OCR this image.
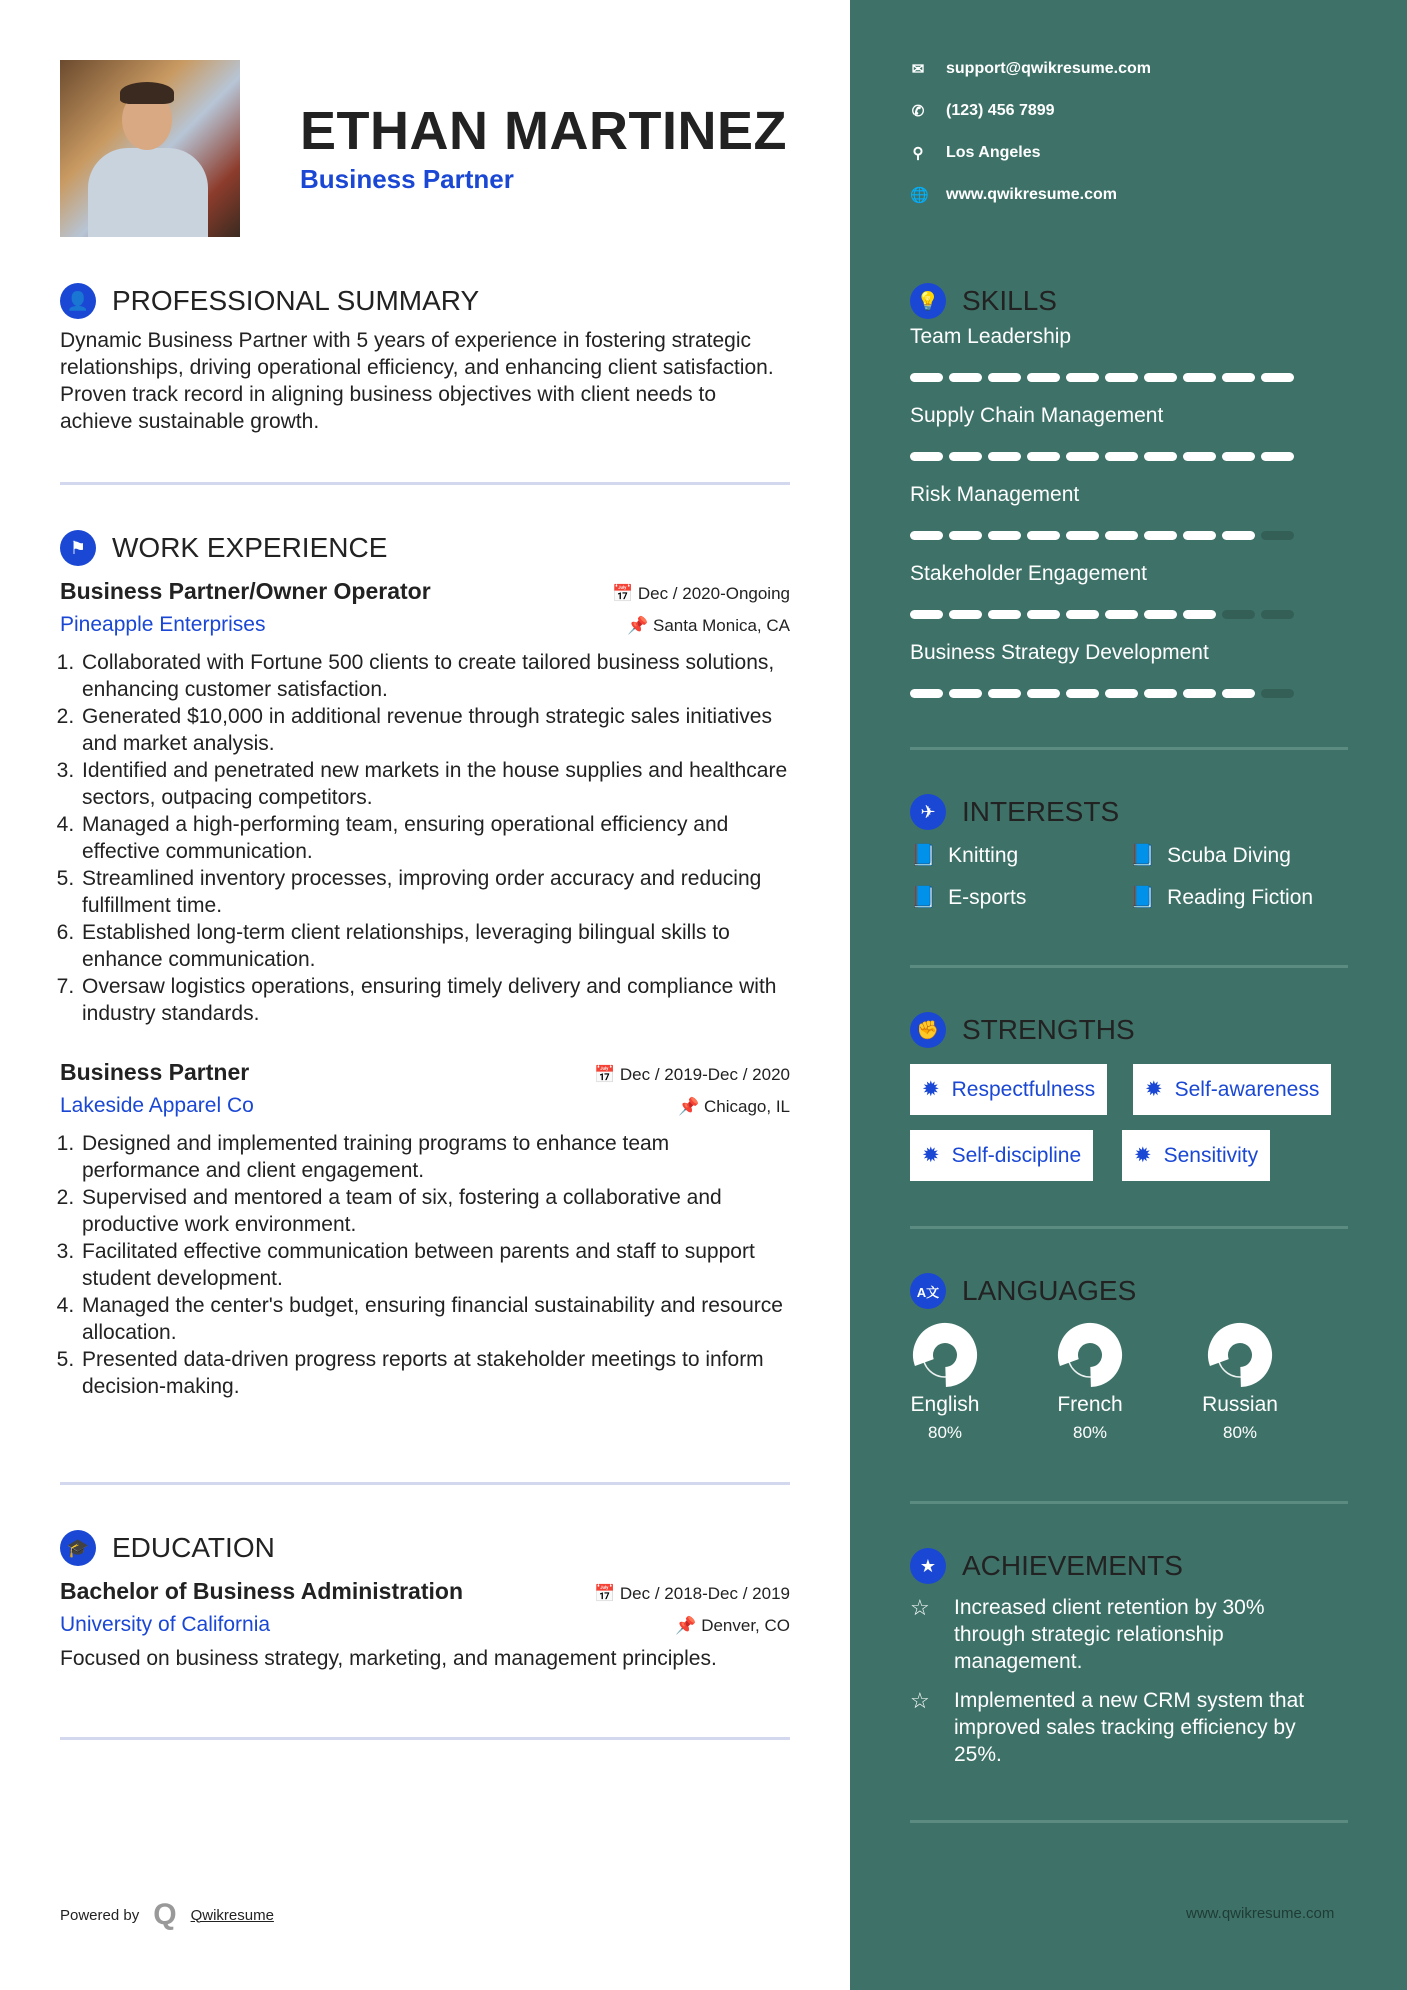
ETHAN MARTINEZ
Business Partner
👤 PROFESSIONAL SUMMARY

Dynamic Business Partner with 5 years of experience in fostering strategic relationships, driving operational efficiency, and enhancing client satisfaction. Proven track record in aligning business objectives with client needs to achieve sustainable growth.

⚑ WORK EXPERIENCE
Business Partner/Owner Operator	📅 Dec / 2020-Ongoing
Pineapple Enterprises	📌 Santa Monica, CA
1. Collaborated with Fortune 500 clients to create tailored business solutions, enhancing customer satisfaction.
2. Generated $10,000 in additional revenue through strategic sales initiatives and market analysis.
3. Identified and penetrated new markets in the house supplies and healthcare sectors, outpacing competitors.
4. Managed a high-performing team, ensuring operational efficiency and effective communication.
5. Streamlined inventory processes, improving order accuracy and reducing fulfillment time.
6. Established long-term client relationships, leveraging bilingual skills to enhance communication.
7. Oversaw logistics operations, ensuring timely delivery and compliance with industry standards.
Business Partner	📅 Dec / 2019-Dec / 2020
Lakeside Apparel Co	📌 Chicago, IL
1. Designed and implemented training programs to enhance team performance and client engagement.
2. Supervised and mentored a team of six, fostering a collaborative and productive work environment.
3. Facilitated effective communication between parents and staff to support student development.
4. Managed the center's budget, ensuring financial sustainability and resource allocation.
5. Presented data-driven progress reports at stakeholder meetings to inform decision-making.
🎓 EDUCATION
Bachelor of Business Administration	📅 Dec / 2018-Dec / 2019
University of California	📌 Denver, CO

Focused on business strategy, marketing, and management principles.

Powered by Q Qwikresume
✉ support@qwikresume.com
✆ (123) 456 7899
⚲ Los Angeles
🌐 www.qwikresume.com
💡 SKILLS
Team Leadership
Supply Chain Management
Risk Management
Stakeholder Engagement
Business Strategy Development
✈ INTERESTS
📘 Knitting	📘 Scuba Diving
📘 E-sports	📘 Reading Fiction
✊ STRENGTHS
✹ Respectfulness ✹ Self-awareness
✹ Self-discipline	✹ Sensitivity
A文 LANGUAGES
English
80%
French
80%
Russian
80%
★ ACHIEVEMENTS
☆	Increased client retention by 30% through strategic relationship management.
☆	Implemented a new CRM system that improved sales tracking efficiency by 25%.
www.qwikresume.com
